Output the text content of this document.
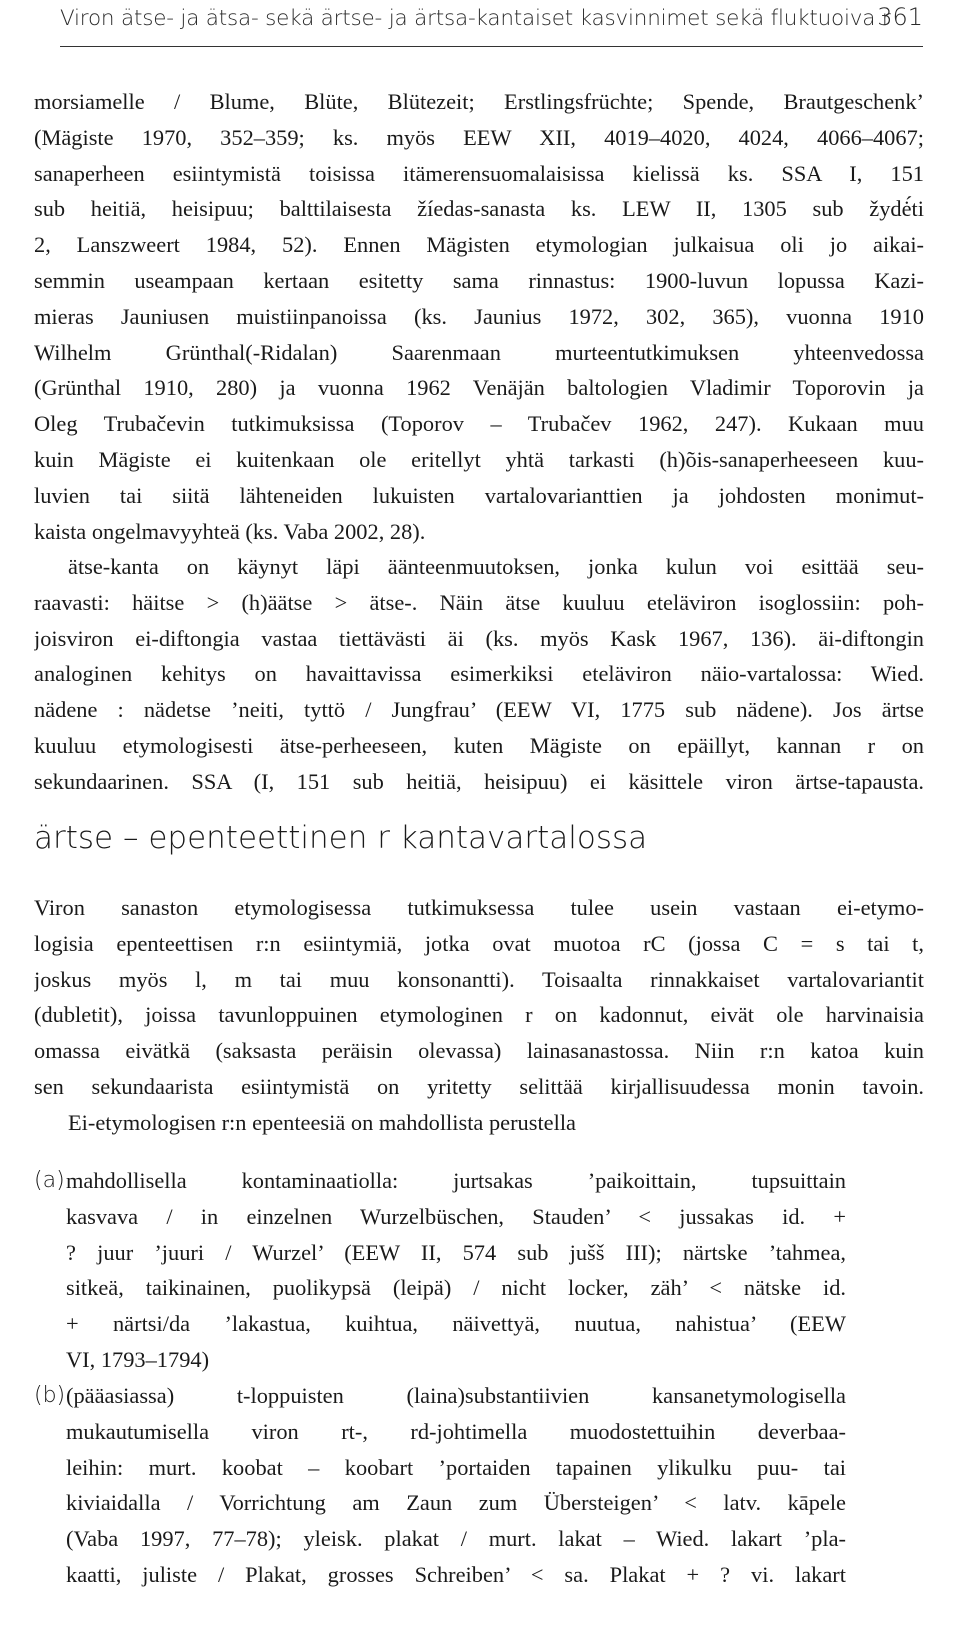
Viron ätse- ja ätsa- sekä ärtse- ja ärtsa-kantaiset kasvinnimet sekä fluktuoiva r
361
morsiamelle / Blume, Blüte, Blütezeit; Erstlingsfrüchte; Spende, Brautgeschenk’
(Mägiste 1970, 352–359; ks. myös EEW XII, 4019–4020, 4024, 4066–4067;
sanaperheen esiintymistä toisissa itämerensuomalaisissa kielissä ks. SSA I, 151
sub heitiä, heisipuu; balttilaisesta žíedas-sanasta ks. LEW II, 1305 sub žydė́ti
2, Lanszweert 1984, 52). Ennen Mägisten etymologian julkaisua oli jo aikai-
semmin useampaan kertaan esitetty sama rinnastus: 1900-luvun lopussa Kazi-
mieras Jauniusen muistiinpanoissa (ks. Jaunius 1972, 302, 365), vuonna 1910
Wilhelm Grünthal(-Ridalan) Saarenmaan murteentutkimuksen yhteenvedossa
(Grünthal 1910, 280) ja vuonna 1962 Venäjän baltologien Vladimir Toporovin ja
Oleg Trubačevin tutkimuksissa (Toporov – Trubačev 1962, 247). Kukaan muu
kuin Mägiste ei kuitenkaan ole eritellyt yhtä tarkasti (h)õis-sanaperheeseen kuu-
luvien tai siitä lähteneiden lukuisten vartalovarianttien ja johdosten monimut-
kaista ongelmavyyhteä (ks. Vaba 2002, 28).
ätse-kanta on käynyt läpi äänteenmuutoksen, jonka kulun voi esittää seu-
raavasti: häitse > (h)äätse > ätse-. Näin ätse kuuluu eteläviron isoglossiin: poh-
joisviron ei-diftongia vastaa tiettävästi äi (ks. myös Kask 1967, 136). äi-diftongin
analoginen kehitys on havaittavissa esimerkiksi eteläviron näio-vartalossa: Wied.
nädene : nädetse ’neiti, tyttö / Jungfrau’ (EEW VI, 1775 sub nädene). Jos ärtse
kuuluu etymologisesti ätse-perheeseen, kuten Mägiste on epäillyt, kannan r on
sekundaarinen. SSA (I, 151 sub heitiä, heisipuu) ei käsittele viron ärtse-tapausta.
ärtse – epenteettinen r kantavartalossa
Viron sanaston etymologisessa tutkimuksessa tulee usein vastaan ei-etymo-
logisia epenteettisen r:n esiintymiä, jotka ovat muotoa rC (jossa C = s tai t,
joskus myös l, m tai muu konsonantti). Toisaalta rinnakkaiset vartalovariantit
(dubletit), joissa tavunloppuinen etymologinen r on kadonnut, eivät ole harvinaisia
omassa eivätkä (saksasta peräisin olevassa) lainasanastossa. Niin r:n katoa kuin
sen sekundaarista esiintymistä on yritetty selittää kirjallisuudessa monin tavoin.
Ei-etymologisen r:n epenteesiä on mahdollista perustella
(a) mahdollisella kontaminaatiolla: jurtsakas ’paikoittain, tupsuittain
kasvava / in einzelnen Wurzelbüschen, Stauden’ < jussakas id. +
? juur ’juuri / Wurzel’ (EEW II, 574 sub jušš III); närtske ’tahmea,
sitkeä, taikinainen, puolikypsä (leipä) / nicht locker, zäh’ < nätske id.
+ närtsi/da ’lakastua, kuihtua, näivettyä, nuutua, nahistua’ (EEW
VI, 1793–1794)
(b) (pääasiassa) t-loppuisten (laina)substantiivien kansanetymologisella
mukautumisella viron rt-, rd-johtimella muodostettuihin deverbaa-
leihin: murt. koobat – koobart ’portaiden tapainen ylikulku puu- tai
kiviaidalla / Vorrichtung am Zaun zum Übersteigen’ < latv. kāpele
(Vaba 1997, 77–78); yleisk. plakat / murt. lakat – Wied. lakart ’pla-
kaatti, juliste / Plakat, grosses Schreiben’ < sa. Plakat + ? vi. lakart
